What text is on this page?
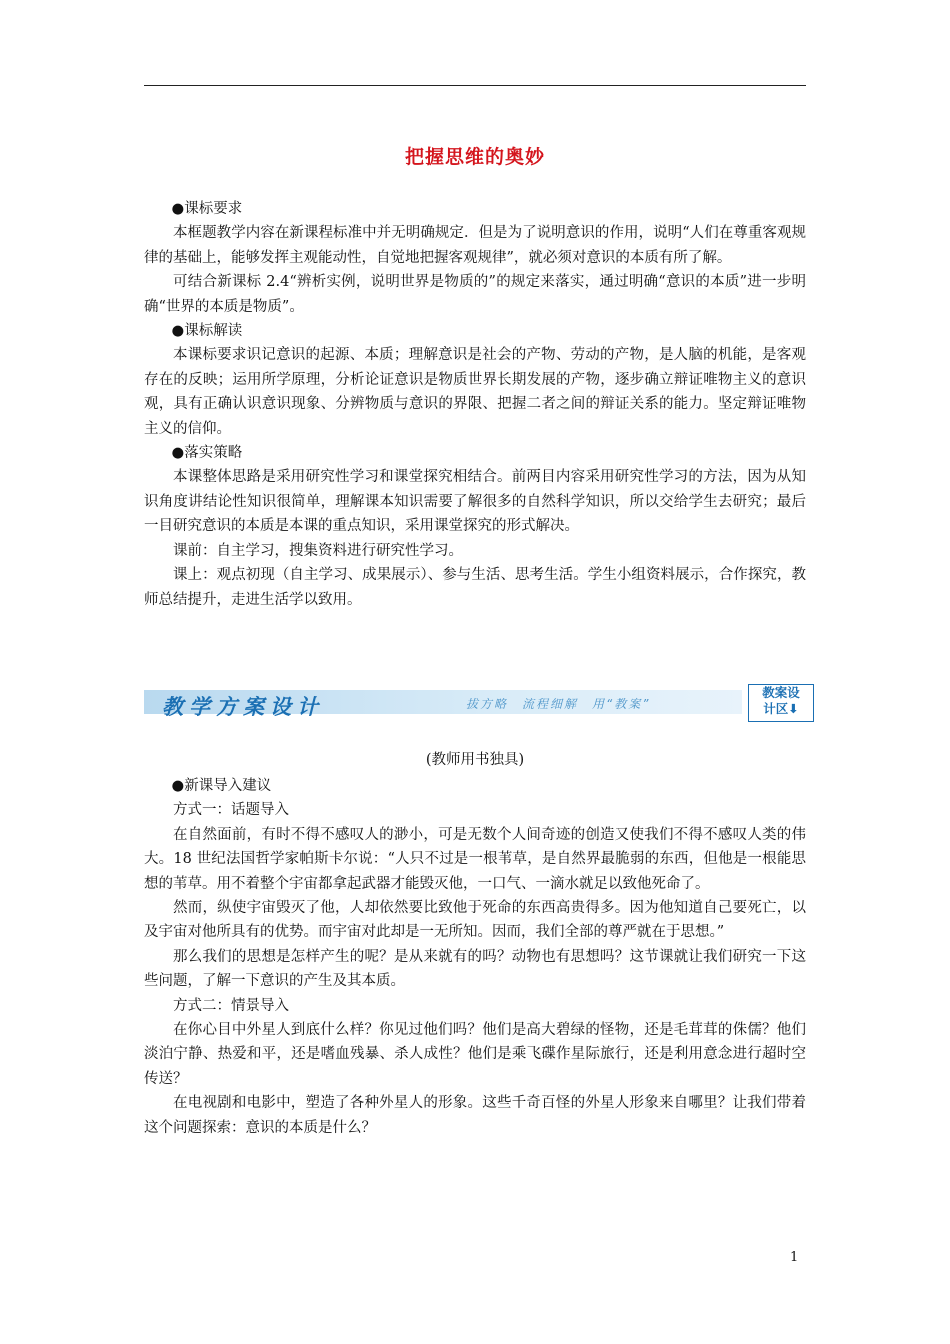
把握思维的奥妙

●课标要求

本框题教学内容在新课程标准中并无明确规定．但是为了说明意识的作用，说明“人们在尊重客观规律的基础上，能够发挥主观能动性，自觉地把握客观规律”，就必须对意识的本质有所了解。

可结合新课标 2.4“辨析实例，说明世界是物质的”的规定来落实，通过明确“意识的本质”进一步明确“世界的本质是物质”。

●课标解读

本课标要求识记意识的起源、本质；理解意识是社会的产物、劳动的产物，是人脑的机能，是客观存在的反映；运用所学原理，分析论证意识是物质世界长期发展的产物，逐步确立辩证唯物主义的意识观，具有正确认识意识现象、分辨物质与意识的界限、把握二者之间的辩证关系的能力。坚定辩证唯物主义的信仰。

●落实策略

本课整体思路是采用研究性学习和课堂探究相结合。前两目内容采用研究性学习的方法，因为从知识角度讲结论性知识很简单，理解课本知识需要了解很多的自然科学知识，所以交给学生去研究；最后一目研究意识的本质是本课的重点知识，采用课堂探究的形式解决。

课前：自主学习，搜集资料进行研究性学习。

课上：观点初现（自主学习、成果展示）、参与生活、思考生活。学生小组资料展示，合作探究，教师总结提升，走进生活学以致用。

教学方案设计	拔方略　流程细解　用“教案”
教案设
计区⬇
(教师用书独具)

●新课导入建议

方式一：话题导入

在自然面前，有时不得不感叹人的渺小，可是无数个人间奇迹的创造又使我们不得不感叹人类的伟大。18 世纪法国哲学家帕斯卡尔说：“人只不过是一根苇草，是自然界最脆弱的东西，但他是一根能思想的苇草。用不着整个宇宙都拿起武器才能毁灭他，一口气、一滴水就足以致他死命了。

然而，纵使宇宙毁灭了他，人却依然要比致他于死命的东西高贵得多。因为他知道自己要死亡，以及宇宙对他所具有的优势。而宇宙对此却是一无所知。因而，我们全部的尊严就在于思想。”

那么我们的思想是怎样产生的呢？是从来就有的吗？动物也有思想吗？这节课就让我们研究一下这些问题，了解一下意识的产生及其本质。

方式二：情景导入

在你心目中外星人到底什么样？你见过他们吗？他们是高大碧绿的怪物，还是毛茸茸的侏儒？他们淡泊宁静、热爱和平，还是嗜血残暴、杀人成性？他们是乘飞碟作星际旅行，还是利用意念进行超时空传送？

在电视剧和电影中，塑造了各种外星人的形象。这些千奇百怪的外星人形象来自哪里？让我们带着这个问题探索：意识的本质是什么？

1
